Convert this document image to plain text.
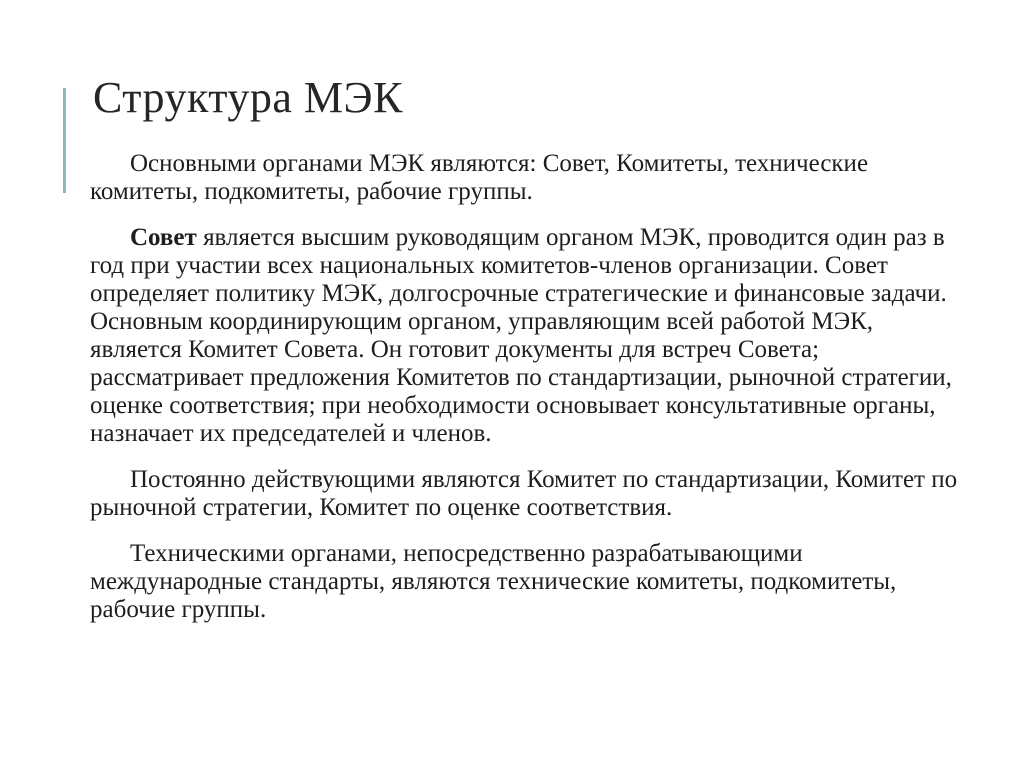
Структура МЭК

Основными органами МЭК являются: Совет, Комитеты, технические комитеты, подкомитеты, рабочие группы.

Совет является высшим руководящим органом МЭК, проводится один раз в год при участии всех национальных комитетов-членов организации. Совет определяет политику МЭК, долгосрочные стратегические и финансовые задачи. Основным координирующим органом, управляющим всей работой МЭК, является Комитет Совета. Он готовит документы для встреч Совета; рассматривает предложения Комитетов по стандартизации, рыночной стратегии, оценке соответствия; при необходимости основывает консультативные органы, назначает их председателей и членов.

Постоянно действующими являются Комитет по стандартизации, Комитет по рыночной стратегии, Комитет по оценке соответствия.

Техническими органами, непосредственно разрабатывающими международные стандарты, являются технические комитеты, подкомитеты, рабочие группы.
